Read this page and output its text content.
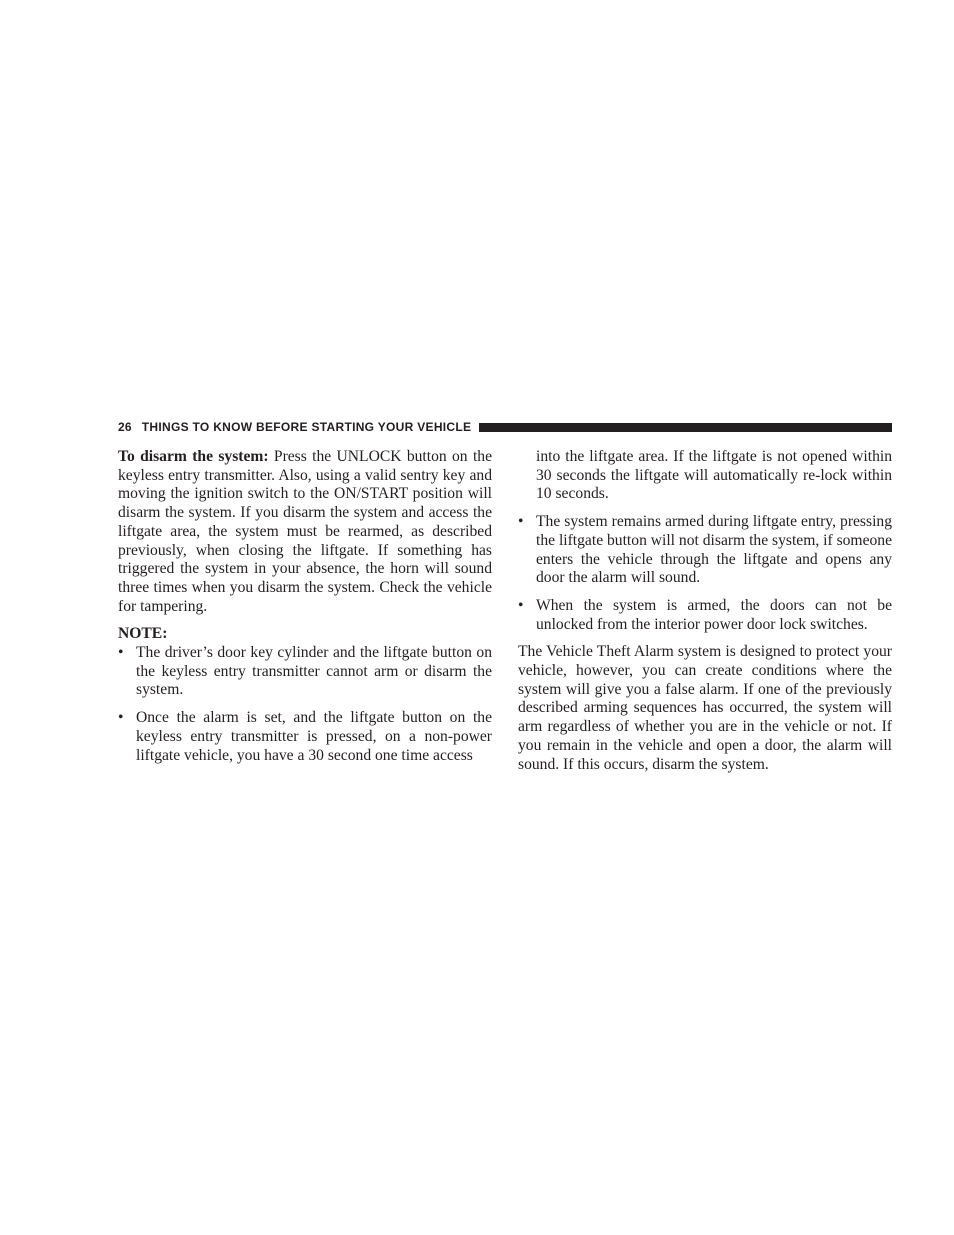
26 THINGS TO KNOW BEFORE STARTING YOUR VEHICLE

To disarm the system: Press the UNLOCK button on the keyless entry transmitter. Also, using a valid sentry key and moving the ignition switch to the ON/START position will disarm the system. If you disarm the system and access the liftgate area, the system must be rearmed, as described previously, when closing the liftgate. If something has triggered the system in your absence, the horn will sound three times when you disarm the system. Check the vehicle for tampering.

NOTE:

• The driver’s door key cylinder and the liftgate button on the keyless entry transmitter cannot arm or disarm the system.
• Once the alarm is set, and the liftgate button on the keyless entry transmitter is pressed, on a non-power liftgate vehicle, you have a 30 second one time access

into the liftgate area. If the liftgate is not opened within 30 seconds the liftgate will automatically re-lock within 10 seconds.

• The system remains armed during liftgate entry, pressing the liftgate button will not disarm the system, if someone enters the vehicle through the liftgate and opens any door the alarm will sound.
• When the system is armed, the doors can not be unlocked from the interior power door lock switches.

The Vehicle Theft Alarm system is designed to protect your vehicle, however, you can create conditions where the system will give you a false alarm. If one of the previously described arming sequences has occurred, the system will arm regardless of whether you are in the vehicle or not. If you remain in the vehicle and open a door, the alarm will sound. If this occurs, disarm the system.
